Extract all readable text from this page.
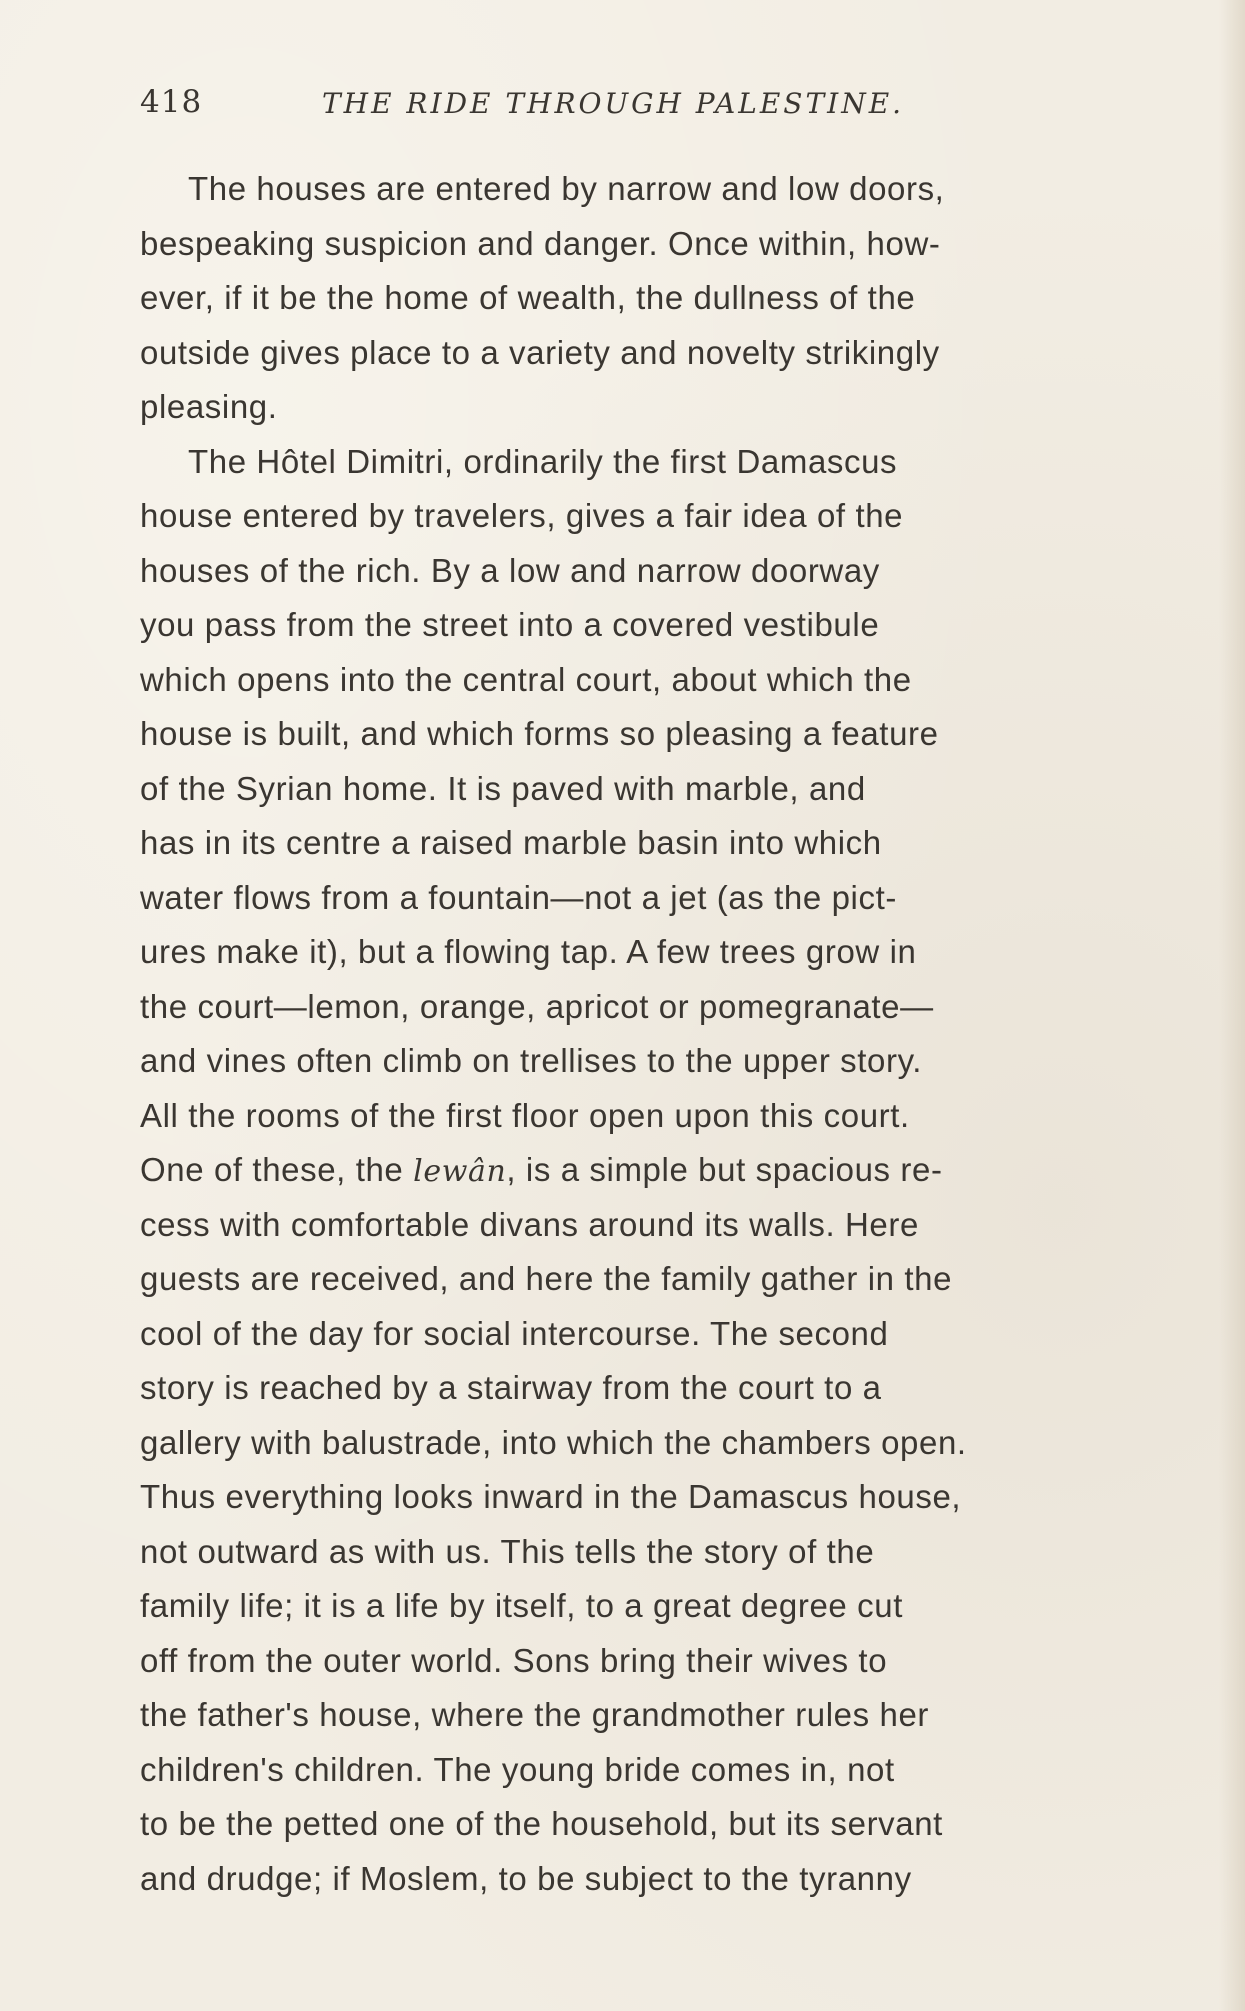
418	THE RIDE THROUGH PALESTINE.
The houses are entered by narrow and low doors,
bespeaking suspicion and danger. Once within, how-
ever, if it be the home of wealth, the dullness of the
outside gives place to a variety and novelty strikingly
pleasing.
The Hôtel Dimitri, ordinarily the first Damascus
house entered by travelers, gives a fair idea of the
houses of the rich. By a low and narrow doorway
you pass from the street into a covered vestibule
which opens into the central court, about which the
house is built, and which forms so pleasing a feature
of the Syrian home. It is paved with marble, and
has in its centre a raised marble basin into which
water flows from a fountain—not a jet (as the pict-
ures make it), but a flowing tap. A few trees grow in
the court—lemon, orange, apricot or pomegranate—
and vines often climb on trellises to the upper story.
All the rooms of the first floor open upon this court.
One of these, the lewân, is a simple but spacious re-
cess with comfortable divans around its walls. Here
guests are received, and here the family gather in the
cool of the day for social intercourse. The second
story is reached by a stairway from the court to a
gallery with balustrade, into which the chambers open.
Thus everything looks inward in the Damascus house,
not outward as with us. This tells the story of the
family life; it is a life by itself, to a great degree cut
off from the outer world. Sons bring their wives to
the father's house, where the grandmother rules her
children's children. The young bride comes in, not
to be the petted one of the household, but its servant
and drudge; if Moslem, to be subject to the tyranny
